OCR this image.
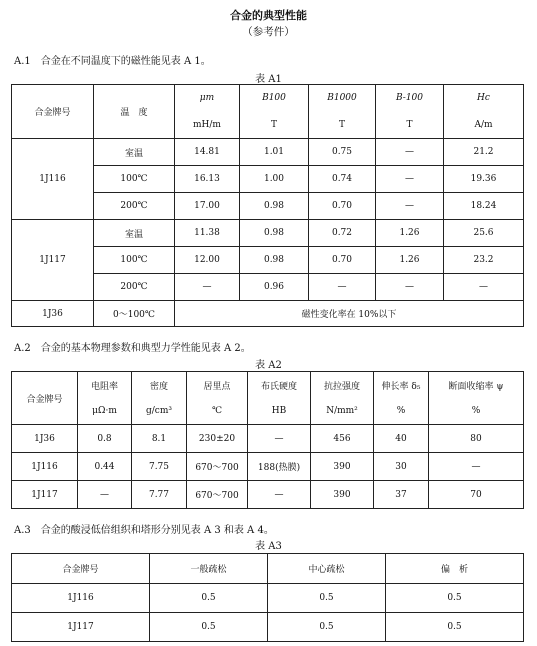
合金的典型性能
（参考件）
A.1　合金在不同温度下的磁性能见表 A 1。
表 A1
合金牌号	温　度	μm	B100	B1000	B-100	Hc
		mH/m	T	T	T	A/m
1J116	室温	14.81	1.01	0.75	—	21.2
	100℃	16.13	1.00	0.74	—	19.36
	200℃	17.00	0.98	0.70	—	18.24
1J117	室温	11.38	0.98	0.72	1.26	25.6
	100℃	12.00	0.98	0.70	1.26	23.2
	200℃	—	0.96	—	—	—
1J36	0～100℃	磁性变化率在 10%以下				
A.2　合金的基本物理参数和典型力学性能见表 A 2。
表 A2
合金牌号	电阻率	密度	居里点	布氏硬度	抗拉强度	伸长率 δ₅	断面收缩率 ψ
	μΩ·m	g/cm³	℃	HB	N/mm²	%	%
1J36	0.8	8.1	230±20	—	456	40	80
1J116	0.44	7.75	670～700	188(热膜)	390	30	—
1J117	—	7.77	670～700	—	390	37	70
A.3　合金的酸浸低倍组织和塔形分别见表 A 3 和表 A 4。
表 A3
合金牌号	一般疏松	中心疏松	偏　析
1J116	0.5	0.5	0.5
1J117	0.5	0.5	0.5
